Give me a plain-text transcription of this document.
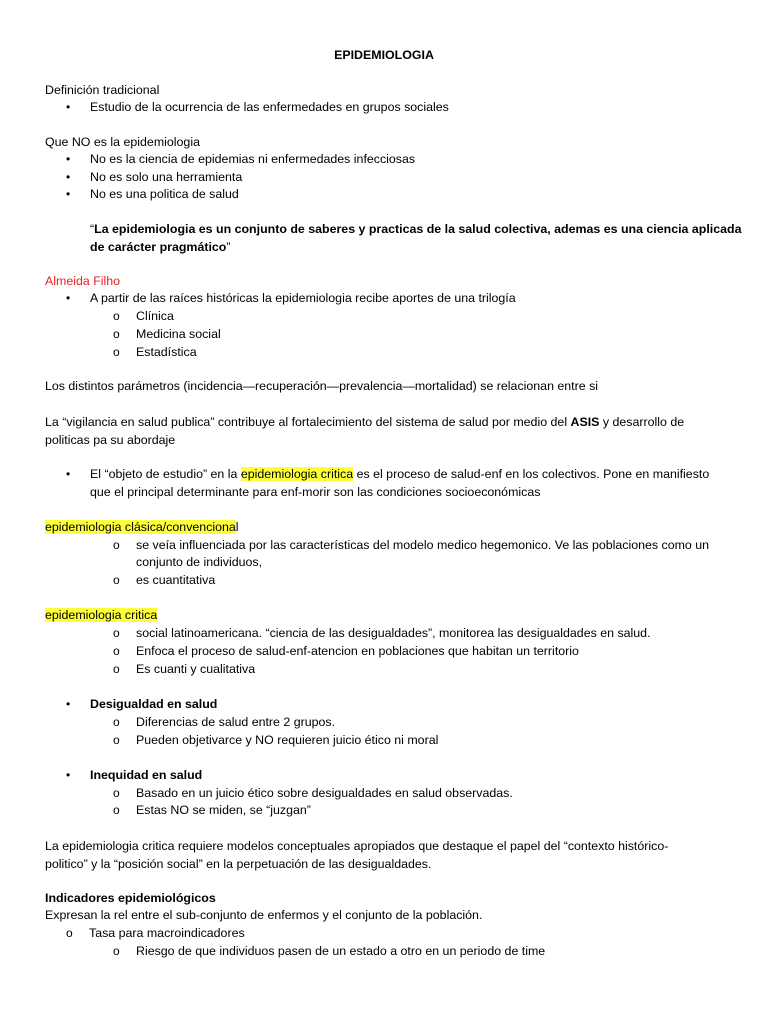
EPIDEMIOLOGIA
Definición tradicional
• Estudio de la ocurrencia de las enfermedades en grupos sociales
Que NO es la epidemiologia
• No es la ciencia de epidemias ni enfermedades infecciosas
• No es solo una herramienta
• No es una politica de salud
“La epidemiologia es un conjunto de saberes y practicas de la salud colectiva, ademas es una ciencia aplicada
de carácter pragmático”
Almeida Filho
• A partir de las raíces históricas la epidemiologia recibe aportes de una trilogía
o Clínica
o Medicina social
o Estadística
Los distintos parámetros (incidencia—recuperación—prevalencia—mortalidad) se relacionan entre si
La “vigilancia en salud publica” contribuye al fortalecimiento del sistema de salud por medio del ASIS y desarrollo de
politicas pa su abordaje
• El “objeto de estudio” en la epidemiologia critica es el proceso de salud-enf en los colectivos. Pone en manifiesto
que el principal determinante para enf-morir son las condiciones socioeconómicas
epidemiologia clásica/convencional
o se veía influenciada por las características del modelo medico hegemonico. Ve las poblaciones como un
conjunto de individuos,
o es cuantitativa
epidemiologia critica
o social latinoamericana. “ciencia de las desigualdades”, monitorea las desigualdades en salud.
o Enfoca el proceso de salud-enf-atencion en poblaciones que habitan un territorio
o Es cuanti y cualitativa
• Desigualdad en salud
o Diferencias de salud entre 2 grupos.
o Pueden objetivarce y NO requieren juicio ético ni moral
• Inequidad en salud
o Basado en un juicio ético sobre desigualdades en salud observadas.
o Estas NO se miden, se “juzgan”
La epidemiologia critica requiere modelos conceptuales apropiados que destaque el papel del “contexto histórico-
politico” y la “posición social” en la perpetuación de las desigualdades.
Indicadores epidemiológicos
Expresan la rel entre el sub-conjunto de enfermos y el conjunto de la población.
o Tasa para macroindicadores
o Riesgo de que individuos pasen de un estado a otro en un periodo de time
